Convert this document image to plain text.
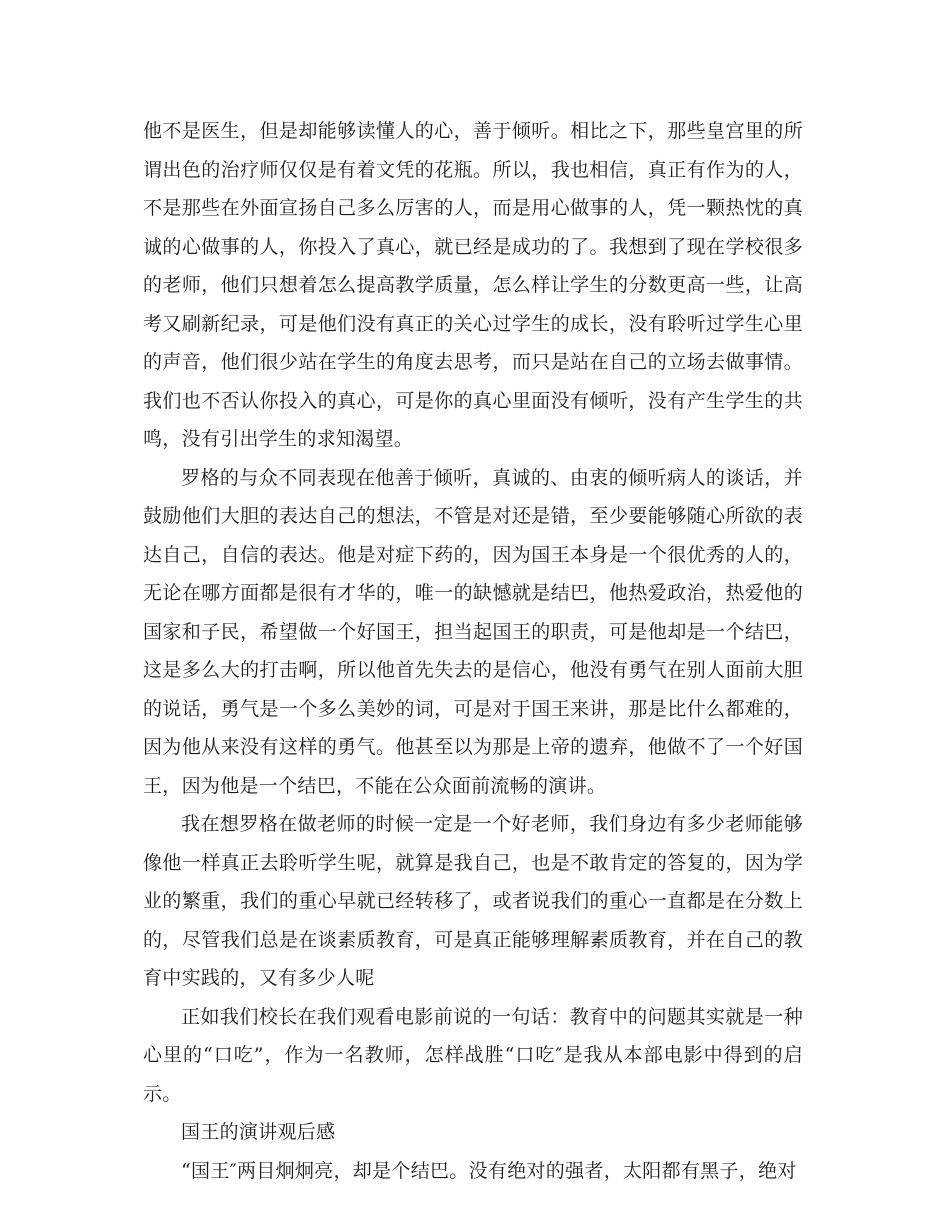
他不是医生，但是却能够读懂人的心，善于倾听。相比之下，那些皇宫里的所谓出色的治疗师仅仅是有着文凭的花瓶。所以，我也相信，真正有作为的人，不是那些在外面宣扬自己多么厉害的人，而是用心做事的人，凭一颗热忱的真诚的心做事的人，你投入了真心，就已经是成功的了。我想到了现在学校很多的老师，他们只想着怎么提高教学质量，怎么样让学生的分数更高一些，让高考又刷新纪录，可是他们没有真正的关心过学生的成长，没有聆听过学生心里的声音，他们很少站在学生的角度去思考，而只是站在自己的立场去做事情。我们也不否认你投入的真心，可是你的真心里面没有倾听，没有产生学生的共鸣，没有引出学生的求知渴望。

罗格的与众不同表现在他善于倾听，真诚的、由衷的倾听病人的谈话，并鼓励他们大胆的表达自己的想法，不管是对还是错，至少要能够随心所欲的表达自己，自信的表达。他是对症下药的，因为国王本身是一个很优秀的人的，无论在哪方面都是很有才华的，唯一的缺憾就是结巴，他热爱政治，热爱他的国家和子民，希望做一个好国王，担当起国王的职责，可是他却是一个结巴，这是多么大的打击啊，所以他首先失去的是信心，他没有勇气在别人面前大胆的说话，勇气是一个多么美妙的词，可是对于国王来讲，那是比什么都难的，因为他从来没有这样的勇气。他甚至以为那是上帝的遗弃，他做不了一个好国王，因为他是一个结巴，不能在公众面前流畅的演讲。

我在想罗格在做老师的时候一定是一个好老师，我们身边有多少老师能够像他一样真正去聆听学生呢，就算是我自己，也是不敢肯定的答复的，因为学业的繁重，我们的重心早就已经转移了，或者说我们的重心一直都是在分数上的，尽管我们总是在谈素质教育，可是真正能够理解素质教育，并在自己的教育中实践的，又有多少人呢

正如我们校长在我们观看电影前说的一句话：教育中的问题其实就是一种心里的“口吃”，作为一名教师，怎样战胜“口吃″是我从本部电影中得到的启示。

国王的演讲观后感

“国王″两目炯炯亮，却是个结巴。没有绝对的强者，太阳都有黑子，绝对
